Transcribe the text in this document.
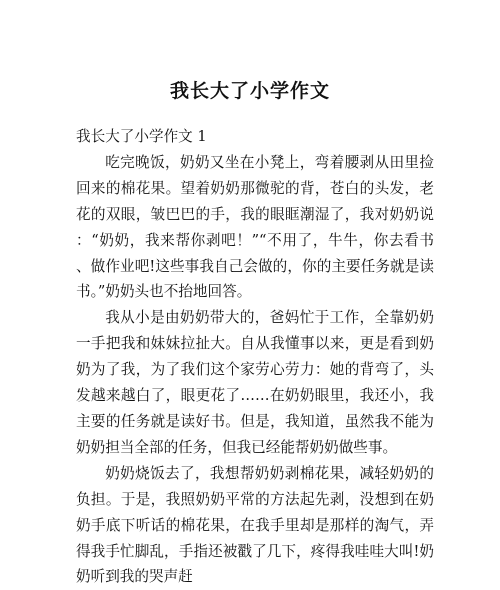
我长大了小学作文

我长大了小学作文 1

吃完晚饭，奶奶又坐在小凳上，弯着腰剥从田里捡回来的棉花果。望着奶奶那微驼的背，苍白的头发，老花的双眼，皱巴巴的手，我的眼眶潮湿了，我对奶奶说：“奶奶，我来帮你剥吧！”“不用了，牛牛，你去看书、做作业吧!这些事我自己会做的，你的主要任务就是读书。”奶奶头也不抬地回答。

我从小是由奶奶带大的，爸妈忙于工作，全靠奶奶一手把我和妹妹拉扯大。自从我懂事以来，更是看到奶奶为了我，为了我们这个家劳心劳力：她的背弯了，头发越来越白了，眼更花了……在奶奶眼里，我还小，我主要的任务就是读好书。但是，我知道，虽然我不能为奶奶担当全部的任务，但我已经能帮奶奶做些事。

奶奶烧饭去了，我想帮奶奶剥棉花果，减轻奶奶的负担。于是，我照奶奶平常的方法起先剥，没想到在奶奶手底下听话的棉花果，在我手里却是那样的淘气，弄得我手忙脚乱，手指还被戳了几下，疼得我哇哇大叫!奶奶听到我的哭声赶
